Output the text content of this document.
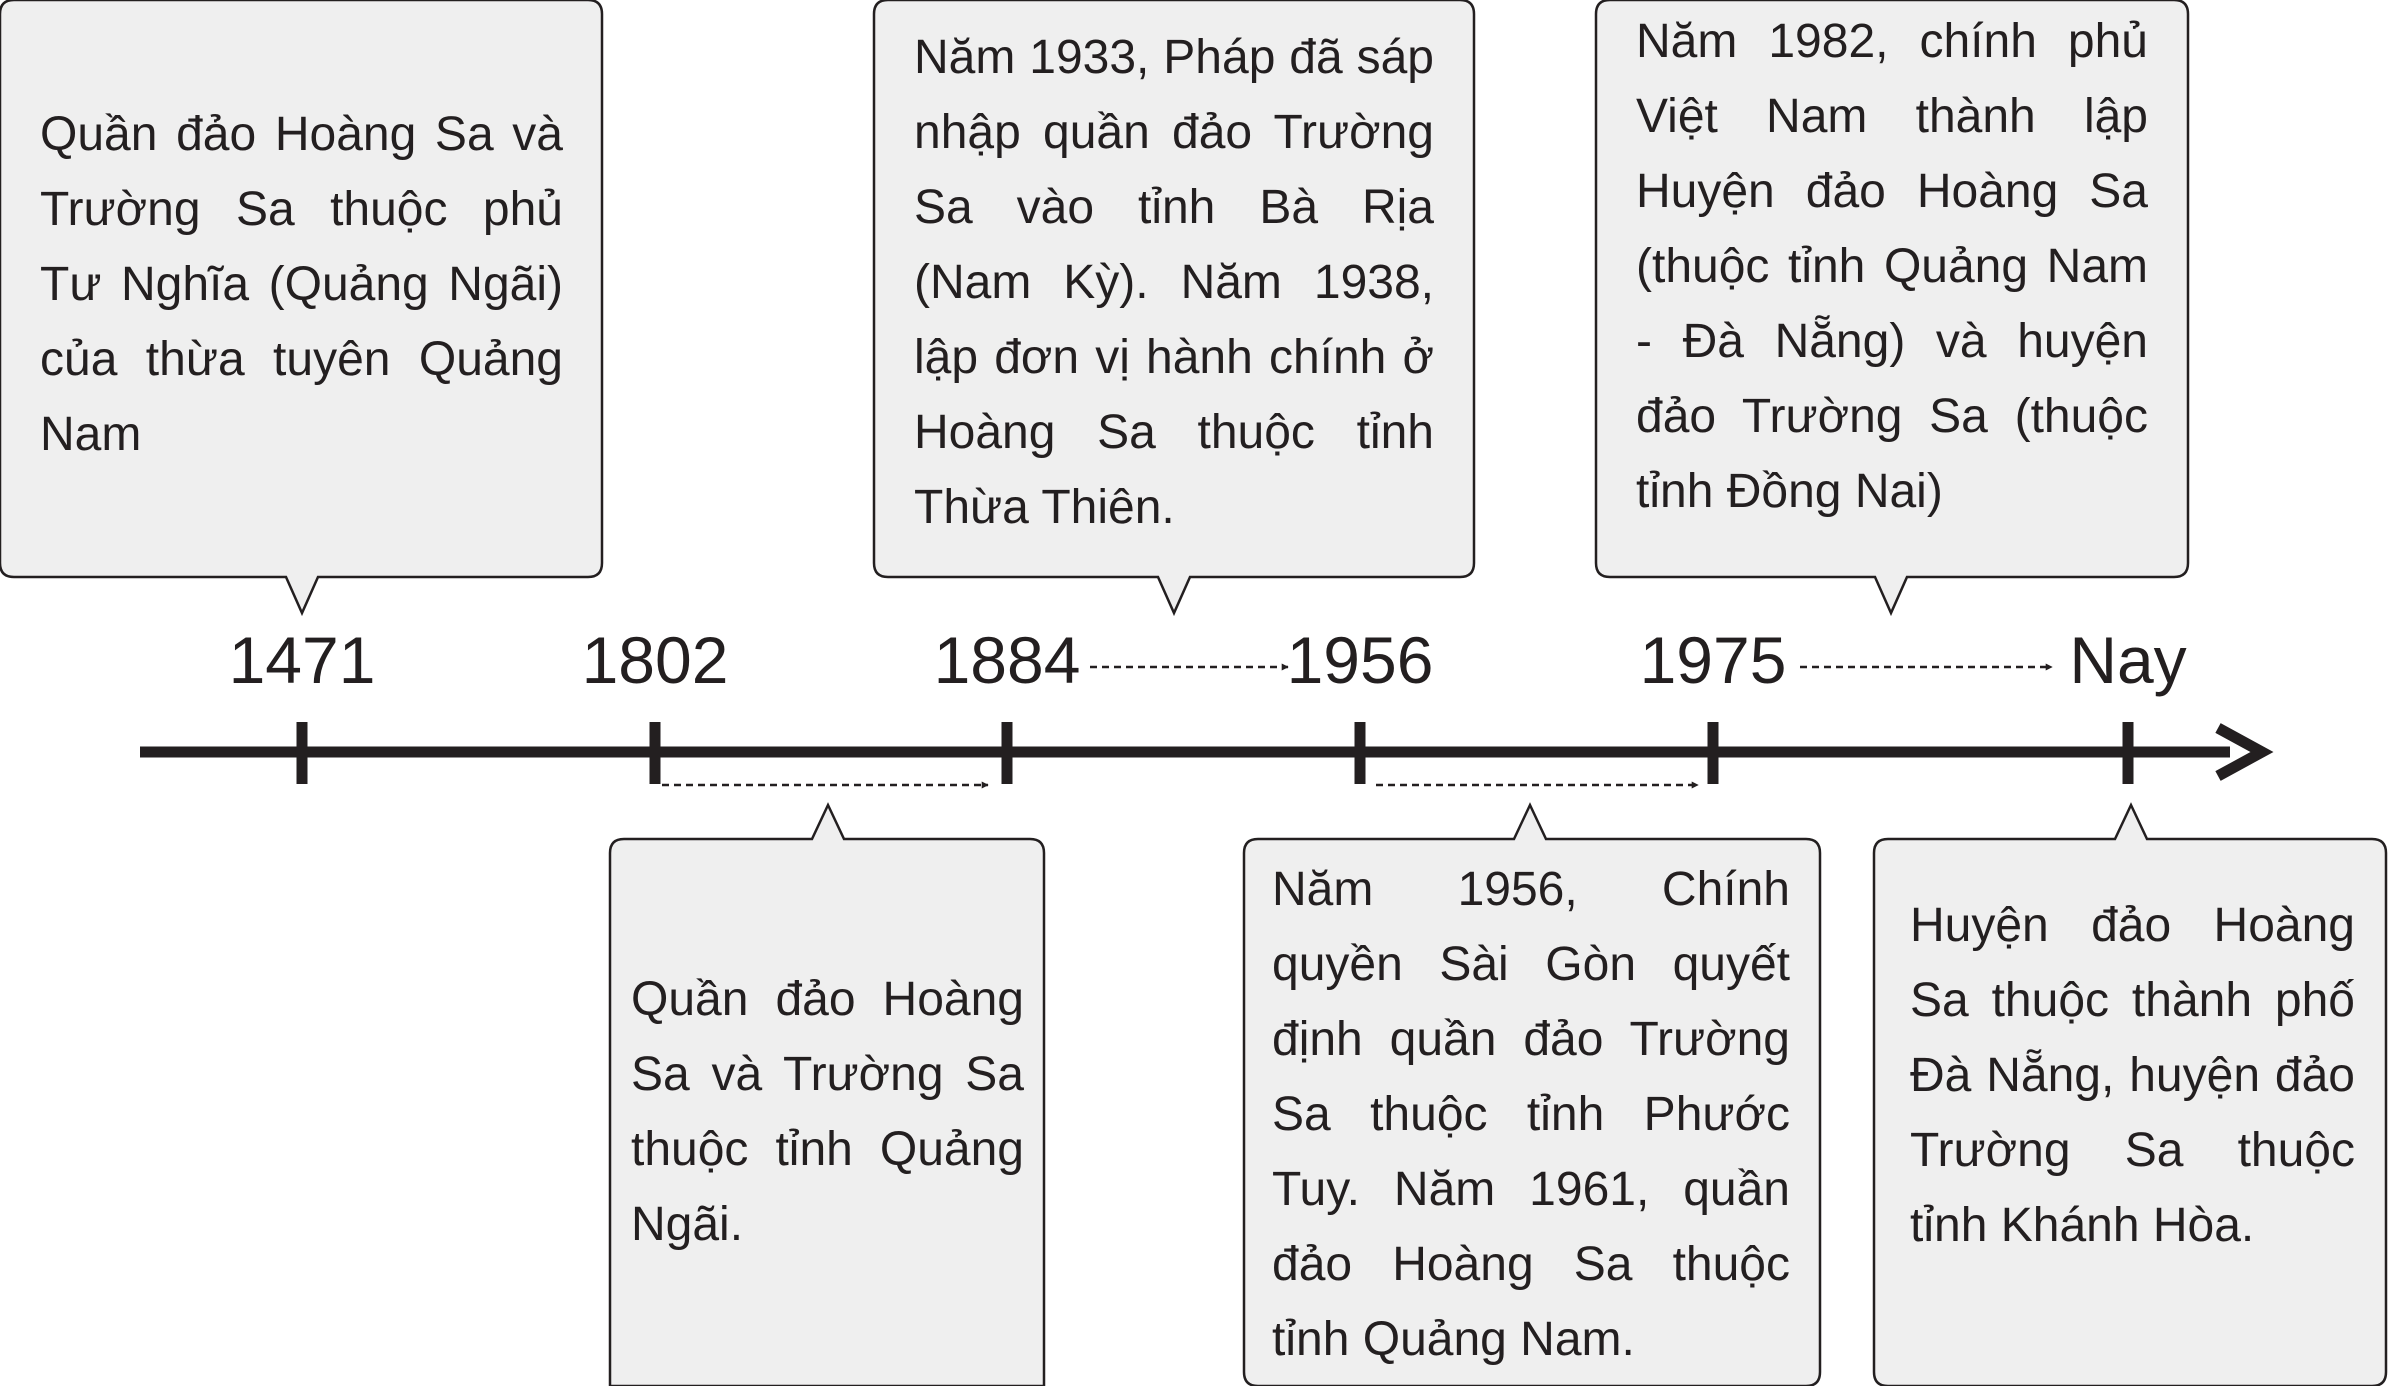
1471	1802	1884	1956	1975	Nay
Quần đảo Hoàng Sa và Trường Sa thuộc phủ Tư Nghĩa (Quảng Ngãi) của thừa tuyên Quảng Nam
Năm 1933, Pháp đã sáp nhập quần đảo Trường Sa vào tỉnh Bà Rịa (Nam Kỳ). Năm 1938, lập đơn vị hành chính ở Hoàng Sa thuộc tỉnh Thừa Thiên.
Năm 1982, chính phủ Việt Nam thành lập Huyện đảo Hoàng Sa (thuộc tỉnh Quảng Nam - Đà Nẵng) và huyện đảo Trường Sa (thuộc tỉnh Đồng Nai)
Quần đảo Hoàng Sa và Trường Sa thuộc tỉnh Quảng Ngãi.
Năm 1956, Chính quyền Sài Gòn quyết định quần đảo Trường Sa thuộc tỉnh Phước Tuy. Năm 1961, quần đảo Hoàng Sa thuộc tỉnh Quảng Nam.
Huyện đảo Hoàng Sa thuộc thành phố Đà Nẵng, huyện đảo Trường Sa thuộc tỉnh Khánh Hòa.
